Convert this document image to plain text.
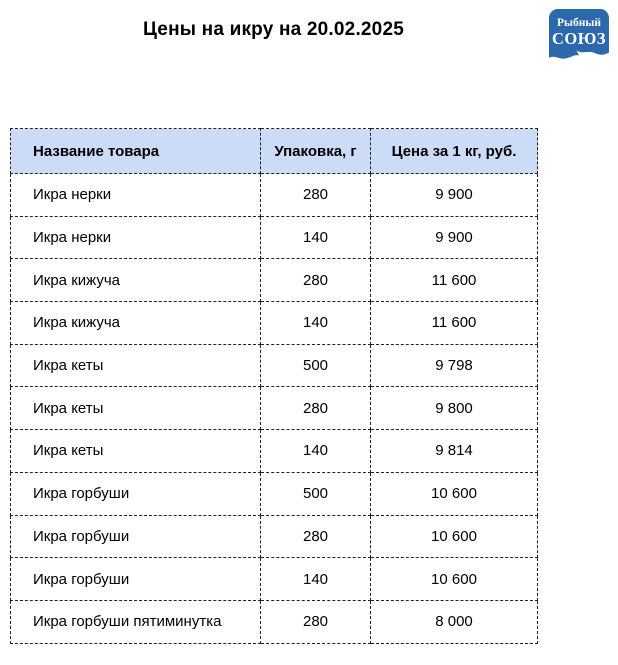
Цены на икру на 20.02.2025	Рыбный
СОЮЗ
Название товара	Упаковка, г	Цена за 1 кг, руб.
Икра нерки	280	9 900
Икра нерки	140	9 900
Икра кижуча	280	11 600
Икра кижуча	140	11 600
Икра кеты	500	9 798
Икра кеты	280	9 800
Икра кеты	140	9 814
Икра горбуши	500	10 600
Икра горбуши	280	10 600
Икра горбуши	140	10 600
Икра горбуши пятиминутка	280	8 000
